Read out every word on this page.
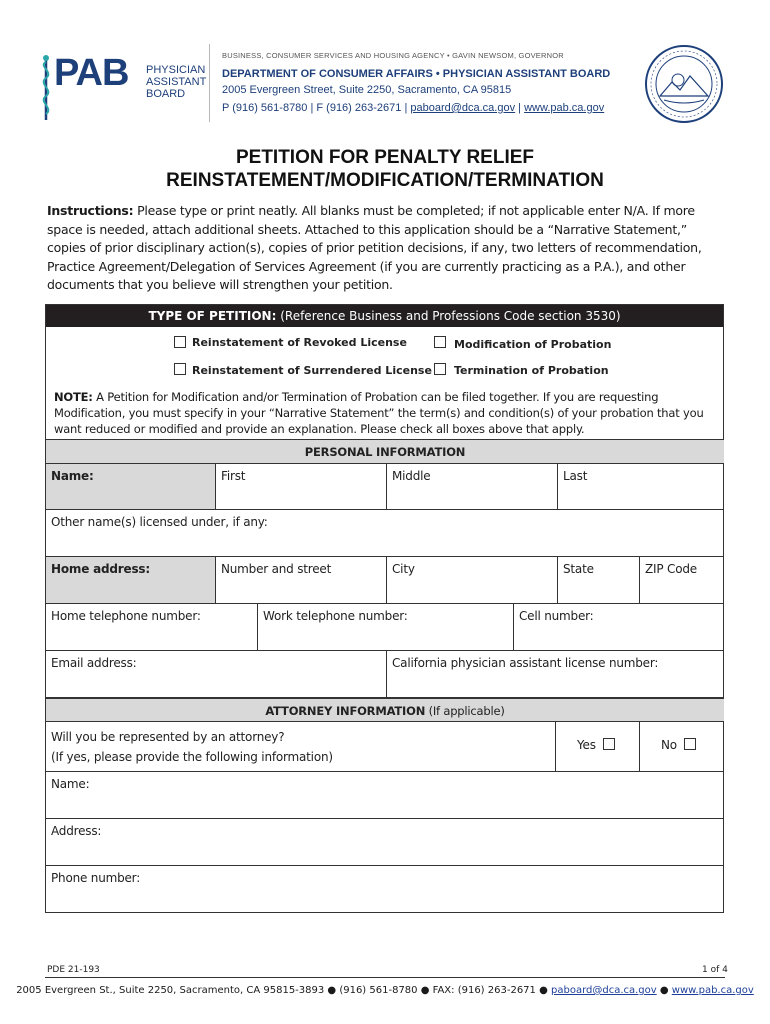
PAB PHYSICIAN
ASSISTANT
BOARD
BUSINESS, CONSUMER SERVICES AND HOUSING AGENCY • GAVIN NEWSOM, GOVERNOR
DEPARTMENT OF CONSUMER AFFAIRS • PHYSICIAN ASSISTANT BOARD
2005 Evergreen Street, Suite 2250, Sacramento, CA 95815
P (916) 561-8780 | F (916) 263-2671 | paboard@dca.ca.gov | www.pab.ca.gov
PETITION FOR PENALTY RELIEF
REINSTATEMENT/MODIFICATION/TERMINATION
Instructions: Please type or print neatly. All blanks must be completed; if not applicable enter N/A. If more space is needed, attach additional sheets. Attached to this application should be a “Narrative Statement,” copies of prior disciplinary action(s), copies of prior petition decisions, if any, two letters of recommendation, Practice Agreement/Delegation of Services Agreement (if you are currently practicing as a P.A.), and other documents that you believe will strengthen your petition.
TYPE OF PETITION: (Reference Business and Professions Code section 3530)
Reinstatement of Revoked License	Modification of Probation
Reinstatement of Surrendered License Termination of Probation
NOTE: A Petition for Modification and/or Termination of Probation can be filed together. If you are requesting Modification, you must specify in your “Narrative Statement” the term(s) and condition(s) of your probation that you want reduced or modified and provide an explanation. Please check all boxes above that apply.
PERSONAL INFORMATION
Name:	First	Middle	Last
Other name(s) licensed under, if any:
Home address:	Number and street	City	State	ZIP Code
Home telephone number:	Work telephone number:	Cell number:
Email address:	California physician assistant license number:
ATTORNEY INFORMATION (If applicable)
Will you be represented by an attorney?
(If yes, please provide the following information)
Yes	No
Name:
Address:
Phone number:
PDE 21-193	1 of 4
2005 Evergreen St., Suite 2250, Sacramento, CA 95815-3893 ● (916) 561-8780 ● FAX: (916) 263-2671 ● paboard@dca.ca.gov ● www.pab.ca.gov
